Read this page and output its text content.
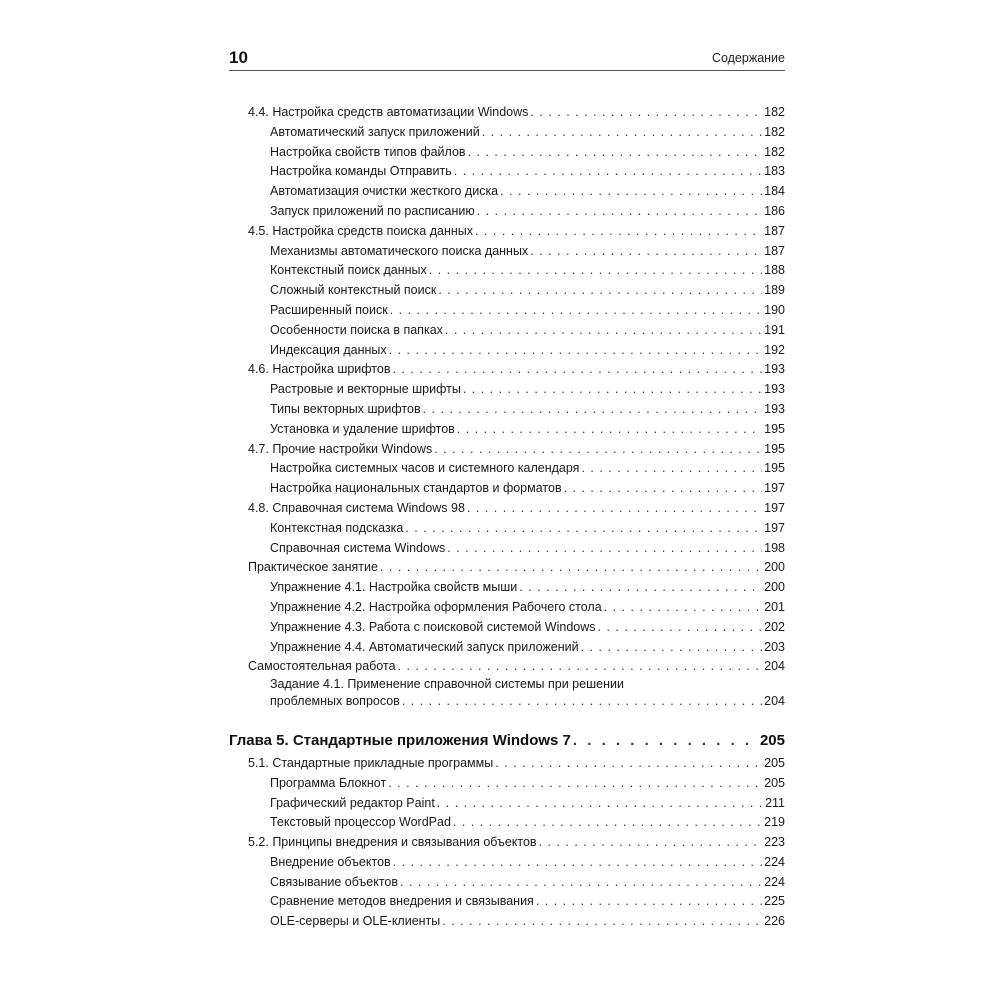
10	Содержание
4.4. Настройка средств автоматизации Windows . . .	182
Автоматический запуск приложений . . .	182
Настройка свойств типов файлов . . .	182
Настройка команды Отправить . . .	183
Автоматизация очистки жесткого диска . . .	184
Запуск приложений по расписанию . . .	186
4.5. Настройка средств поиска данных . . .	187
Механизмы автоматического поиска данных . . .	187
Контекстный поиск данных . . .	188
Сложный контекстный поиск . . .	189
Расширенный поиск . . .	190
Особенности поиска в папках . . .	191
Индексация данных . . .	192
4.6. Настройка шрифтов . . .	193
Растровые и векторные шрифты . . .	193
Типы векторных шрифтов . . .	193
Установка и удаление шрифтов . . .	195
4.7. Прочие настройки Windows . . .	195
Настройка системных часов и системного календаря . . .	195
Настройка национальных стандартов и форматов . . .	197
4.8. Справочная система Windows 98 . . .	197
Контекстная подсказка . . .	197
Справочная система Windows . . .	198
Практическое занятие . . .	200
Упражнение 4.1. Настройка свойств мыши . . .	200
Упражнение 4.2. Настройка оформления Рабочего стола . . .	201
Упражнение 4.3. Работа с поисковой системой Windows . . .	202
Упражнение 4.4. Автоматический запуск приложений . . .	203
Самостоятельная работа . . .	204
Задание 4.1. Применение справочной системы при решении
проблемных вопросов . . .	204
Глава 5. Стандартные приложения Windows 7 . . .	205
5.1. Стандартные прикладные программы . . .	205
Программа Блокнот . . .	205
Графический редактор Paint . . .	211
Текстовый процессор WordPad . . .	219
5.2. Принципы внедрения и связывания объектов . . .	223
Внедрение объектов . . .	224
Связывание объектов . . .	224
Сравнение методов внедрения и связывания . . .	225
OLE-серверы и OLE-клиенты . . .	226
